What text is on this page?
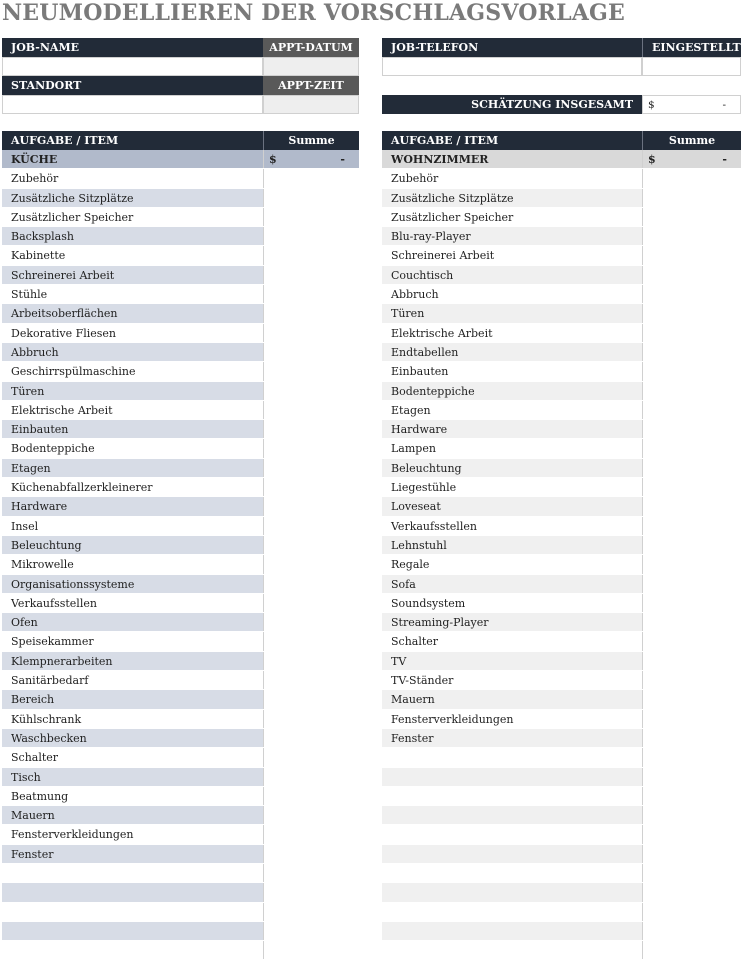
NEUMODELLIEREN DER VORSCHLAGSVORLAGE
JOB-NAME	APPT-DATUM
STANDORT	APPT-ZEIT
JOB-TELEFON	EINGESTELLT V
SCHÄTZUNG INSGESAMT	$	-
AUFGABE / ITEM	Summe
KÜCHE	$	-
Zubehör
Zusätzliche Sitzplätze
Zusätzlicher Speicher
Backsplash
Kabinette
Schreinerei Arbeit
Stühle
Arbeitsoberflächen
Dekorative Fliesen
Abbruch
Geschirrspülmaschine
Türen
Elektrische Arbeit
Einbauten
Bodenteppiche
Etagen
Küchenabfallzerkleinerer
Hardware
Insel
Beleuchtung
Mikrowelle
Organisationssysteme
Verkaufsstellen
Ofen
Speisekammer
Klempnerarbeiten
Sanitärbedarf
Bereich
Kühlschrank
Waschbecken
Schalter
Tisch
Beatmung
Mauern
Fensterverkleidungen
Fenster
AUFGABE / ITEM	Summe
WOHNZIMMER	$	-
Zubehör
Zusätzliche Sitzplätze
Zusätzlicher Speicher
Blu-ray-Player
Schreinerei Arbeit
Couchtisch
Abbruch
Türen
Elektrische Arbeit
Endtabellen
Einbauten
Bodenteppiche
Etagen
Hardware
Lampen
Beleuchtung
Liegestühle
Loveseat
Verkaufsstellen
Lehnstuhl
Regale
Sofa
Soundsystem
Streaming-Player
Schalter
TV
TV-Ständer
Mauern
Fensterverkleidungen
Fenster
